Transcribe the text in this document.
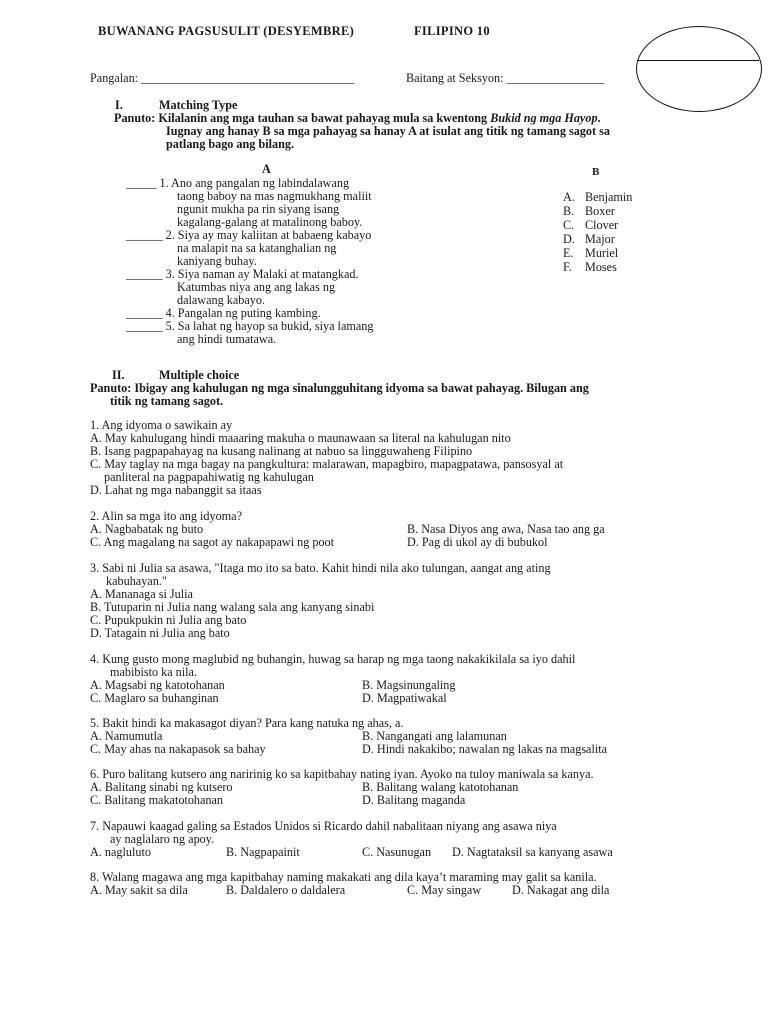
BUWANANG PAGSUSULIT (DESYEMBRE)	FILIPINO 10
Pangalan: ___________________________________	Baitang at Seksyon: ________________
I.	Matching Type
Panuto: Kilalanin ang mga tauhan sa bawat pahayag mula sa kwentong Bukid ng mga Hayop.
Iugnay ang hanay B sa mga pahayag sa hanay A at isulat ang titik ng tamang sagot sa
patlang bago ang bilang.
A	B
_____ 1. Ano ang pangalan ng labindalawang
taong baboy na mas nagmukhang maliit
ngunit mukha pa rin siyang isang
kagalang-galang at matalinong baboy.
______ 2. Siya ay may kaliitan at babaeng kabayo
na malapit na sa katanghalian ng
kaniyang buhay.
______ 3. Siya naman ay Malaki at matangkad.
Katumbas niya ang ang lakas ng
dalawang kabayo.
______ 4. Pangalan ng puting kambing.
______ 5. Sa lahat ng hayop sa bukid, siya lamang
ang hindi tumatawa.
A. Benjamin
B. Boxer
C. Clover
D. Major
E. Muriel
F. Moses
II.	Multiple choice
Panuto: Ibigay ang kahulugan ng mga sinalungguhitang idyoma sa bawat pahayag. Bilugan ang
titik ng tamang sagot.
1. Ang idyoma o sawikain ay
A. May kahulugang hindi maaaring makuha o maunawaan sa literal na kahulugan nito
B. Isang pagpapahayag na kusang nalinang at nabuo sa lingguwaheng Filipino
C. May taglay na mga bagay na pangkultura: malarawan, mapagbiro, mapagpatawa, pansosyal at
panliteral na pagpapahiwatig ng kahulugan
D. Lahat ng mga nabanggit sa itaas
2. Alin sa mga ito ang idyoma?
A. Nagbabatak ng buto	B. Nasa Diyos ang awa, Nasa tao ang ga
C. Ang magalang na sagot ay nakapapawi ng poot	D. Pag di ukol ay di bubukol
3. Sabi ni Julia sa asawa, "Itaga mo ito sa bato. Kahit hindi nila ako tulungan, aangat ang ating
kabuhayan."
A. Mananaga si Julia
B. Tutuparin ni Julia nang walang sala ang kanyang sinabi
C. Pupukpukin ni Julia ang bato
D. Tatagain ni Julia ang bato
4. Kung gusto mong maglubid ng buhangin, huwag sa harap ng mga taong nakakikilala sa iyo dahil
mabibisto ka nila.
A. Magsabi ng katotohanan	B. Magsinungaling
C. Maglaro sa buhanginan	D. Magpatiwakal
5. Bakit hindi ka makasagot diyan? Para kang natuka ng ahas, a.
A. Namumutla	B. Nangangati ang lalamunan
C. May ahas na nakapasok sa bahay	D. Hindi nakakibo; nawalan ng lakas na magsalita
6. Puro balitang kutsero ang naririnig ko sa kapitbahay nating iyan. Ayoko na tuloy maniwala sa kanya.
A. Balitang sinabi ng kutsero	B. Balitang walang katotohanan
C. Balitang makatotohanan	D. Balitang maganda
7. Napauwi kaagad galing sa Estados Unidos si Ricardo dahil nabalitaan niyang ang asawa niya
ay naglalaro ng apoy.
A. nagluluto	B. Nagpapainit	C. Nasunugan D. Nagtataksil sa kanyang asawa
8. Walang magawa ang mga kapitbahay naming makakati ang dila kaya’t maraming may galit sa kanila.
A. May sakit sa dila	B. Daldalero o daldalera	C. May singaw	D. Nakagat ang dila
